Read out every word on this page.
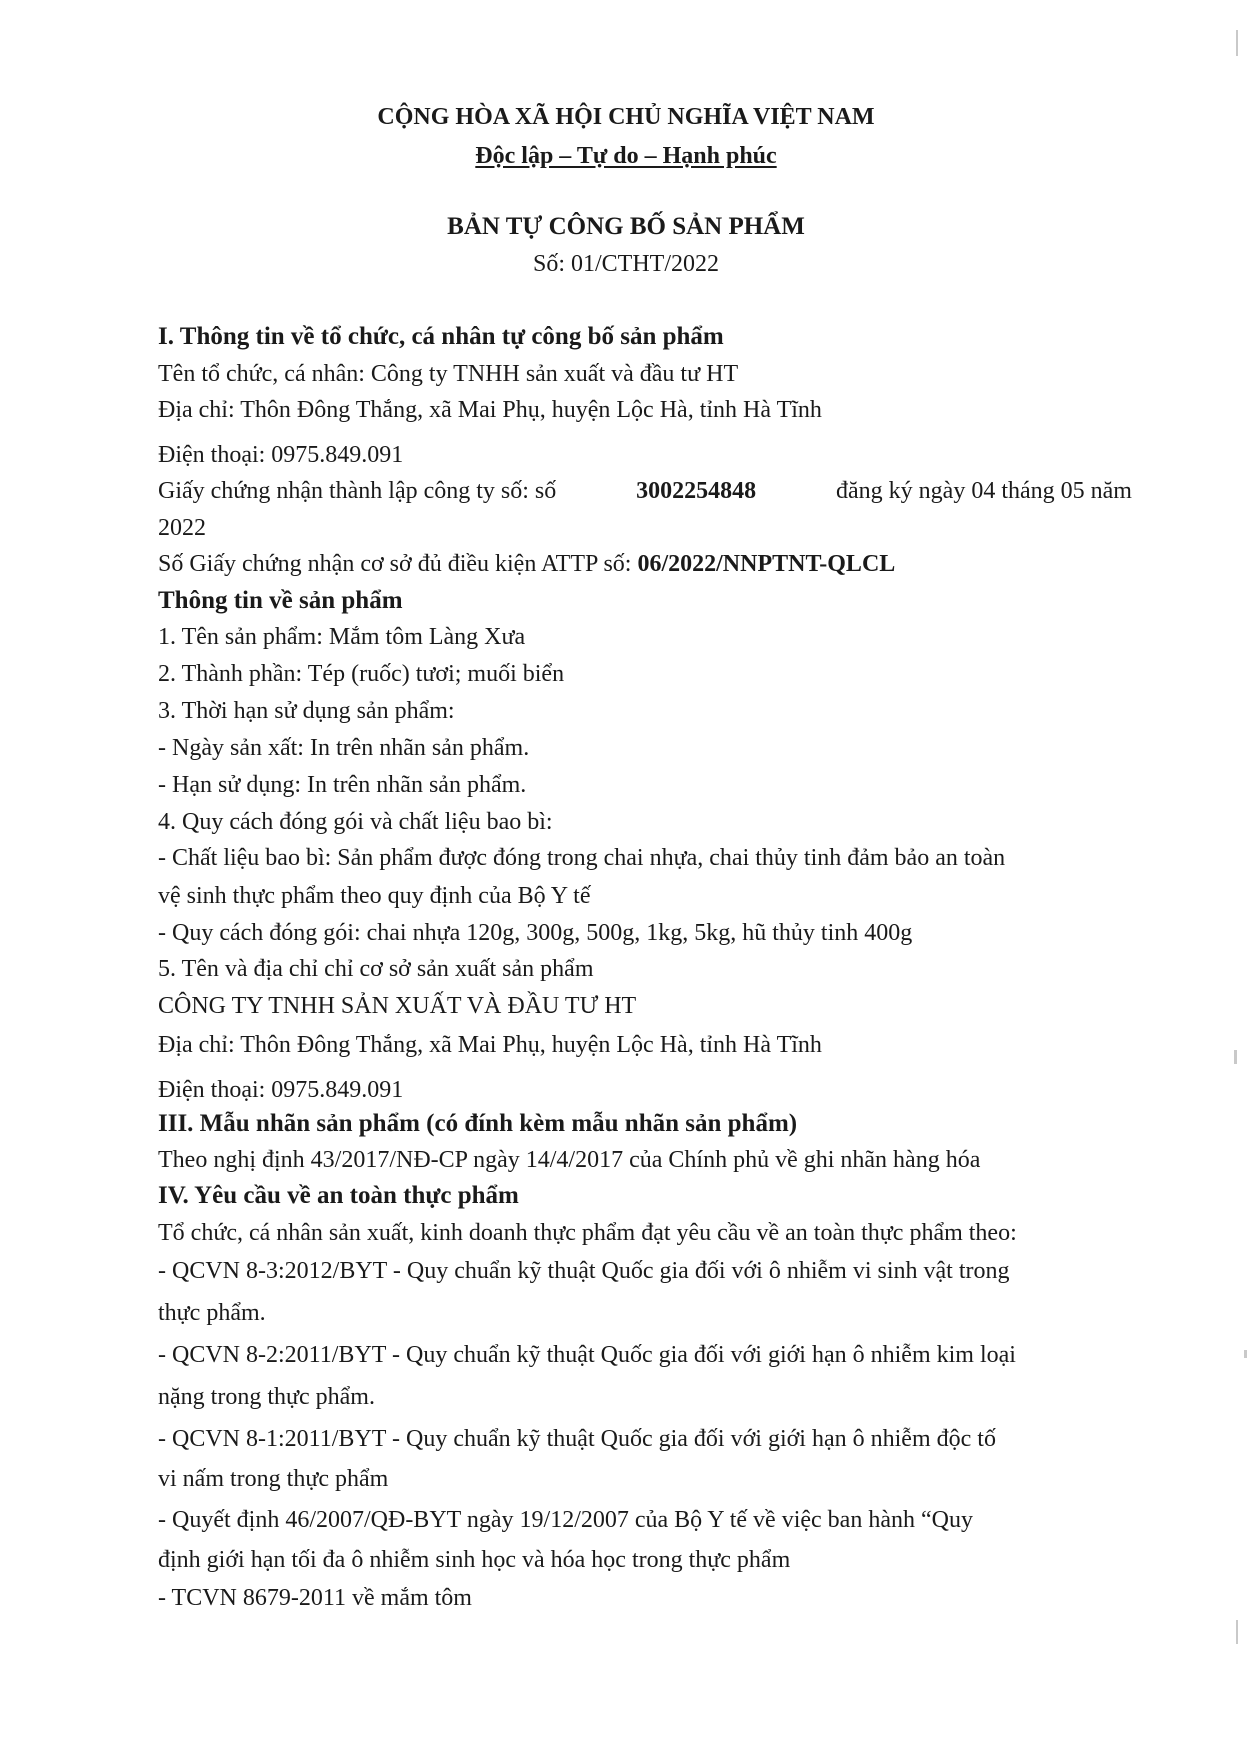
CỘNG HÒA XÃ HỘI CHỦ NGHĨA VIỆT NAM
Độc lập – Tự do – Hạnh phúc
BẢN TỰ CÔNG BỐ SẢN PHẨM
Số: 01/CTHT/2022
I. Thông tin về tổ chức, cá nhân tự công bố sản phẩm
Tên tổ chức, cá nhân: Công ty TNHH sản xuất và đầu tư HT
Địa chỉ: Thôn Đông Thắng, xã Mai Phụ, huyện Lộc Hà, tỉnh Hà Tĩnh
Điện thoại: 0975.849.091
Giấy chứng nhận thành lập công ty số: số	3002254848	đăng ký ngày 04 tháng 05 năm
2022
Số Giấy chứng nhận cơ sở đủ điều kiện ATTP số: 06/2022/NNPTNT-QLCL
Thông tin về sản phẩm
1. Tên sản phẩm: Mắm tôm Làng Xưa
2. Thành phần: Tép (ruốc) tươi; muối biển
3. Thời hạn sử dụng sản phẩm:
- Ngày sản xất: In trên nhãn sản phẩm.
- Hạn sử dụng: In trên nhãn sản phẩm.
4. Quy cách đóng gói và chất liệu bao bì:
- Chất liệu bao bì: Sản phẩm được đóng trong chai nhựa, chai thủy tinh đảm bảo an toàn
vệ sinh thực phẩm theo quy định của Bộ Y tế
- Quy cách đóng gói: chai nhựa 120g, 300g, 500g, 1kg, 5kg, hũ thủy tinh 400g
5. Tên và địa chỉ chỉ cơ sở sản xuất sản phẩm
CÔNG TY TNHH SẢN XUẤT VÀ ĐẦU TƯ HT
Địa chỉ: Thôn Đông Thắng, xã Mai Phụ, huyện Lộc Hà, tỉnh Hà Tĩnh
Điện thoại: 0975.849.091
III. Mẫu nhãn sản phẩm (có đính kèm mẫu nhãn sản phẩm)
Theo nghị định 43/2017/NĐ-CP ngày 14/4/2017 của Chính phủ về ghi nhãn hàng hóa
IV. Yêu cầu về an toàn thực phẩm
Tổ chức, cá nhân sản xuất, kinh doanh thực phẩm đạt yêu cầu về an toàn thực phẩm theo:
- QCVN 8-3:2012/BYT - Quy chuẩn kỹ thuật Quốc gia đối với ô nhiễm vi sinh vật trong
thực phẩm.
- QCVN 8-2:2011/BYT - Quy chuẩn kỹ thuật Quốc gia đối với giới hạn ô nhiễm kim loại
nặng trong thực phẩm.
- QCVN 8-1:2011/BYT - Quy chuẩn kỹ thuật Quốc gia đối với giới hạn ô nhiễm độc tố
vi nấm trong thực phẩm
- Quyết định 46/2007/QĐ-BYT ngày 19/12/2007 của Bộ Y tế về việc ban hành “Quy
định giới hạn tối đa ô nhiễm sinh học và hóa học trong thực phẩm
- TCVN 8679-2011 về mắm tôm
